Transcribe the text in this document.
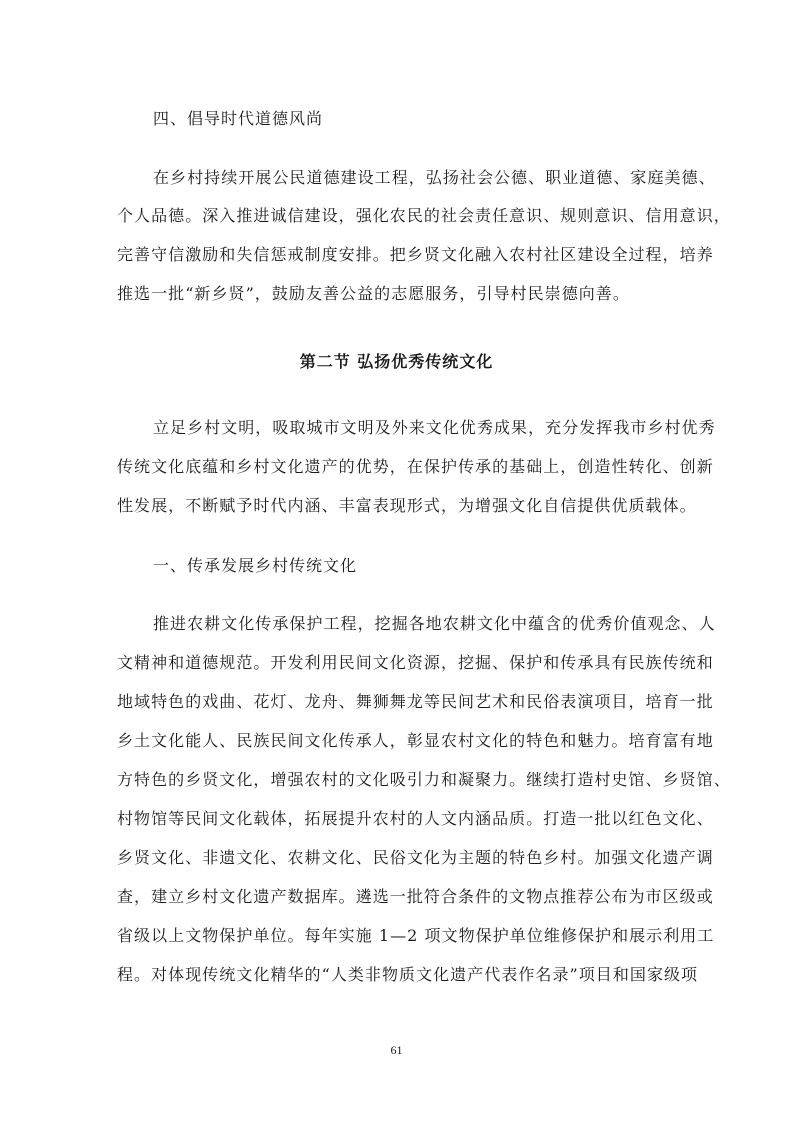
四、倡导时代道德风尚
在乡村持续开展公民道德建设工程，弘扬社会公德、职业道德、家庭美德、
个人品德。深入推进诚信建设，强化农民的社会责任意识、规则意识、信用意识，
完善守信激励和失信惩戒制度安排。把乡贤文化融入农村社区建设全过程，培养
推选一批“新乡贤”，鼓励友善公益的志愿服务，引导村民崇德向善。
第二节 弘扬优秀传统文化
立足乡村文明，吸取城市文明及外来文化优秀成果，充分发挥我市乡村优秀
传统文化底蕴和乡村文化遗产的优势，在保护传承的基础上，创造性转化、创新
性发展，不断赋予时代内涵、丰富表现形式，为增强文化自信提供优质载体。
一、传承发展乡村传统文化
推进农耕文化传承保护工程，挖掘各地农耕文化中蕴含的优秀价值观念、人
文精神和道德规范。开发利用民间文化资源，挖掘、保护和传承具有民族传统和
地域特色的戏曲、花灯、龙舟、舞狮舞龙等民间艺术和民俗表演项目，培育一批
乡土文化能人、民族民间文化传承人，彰显农村文化的特色和魅力。培育富有地
方特色的乡贤文化，增强农村的文化吸引力和凝聚力。继续打造村史馆、乡贤馆、
村物馆等民间文化载体，拓展提升农村的人文内涵品质。打造一批以红色文化、
乡贤文化、非遗文化、农耕文化、民俗文化为主题的特色乡村。加强文化遗产调
查，建立乡村文化遗产数据库。遴选一批符合条件的文物点推荐公布为市区级或
省级以上文物保护单位。每年实施 1—2 项文物保护单位维修保护和展示利用工
程。对体现传统文化精华的“人类非物质文化遗产代表作名录”项目和国家级项
61
